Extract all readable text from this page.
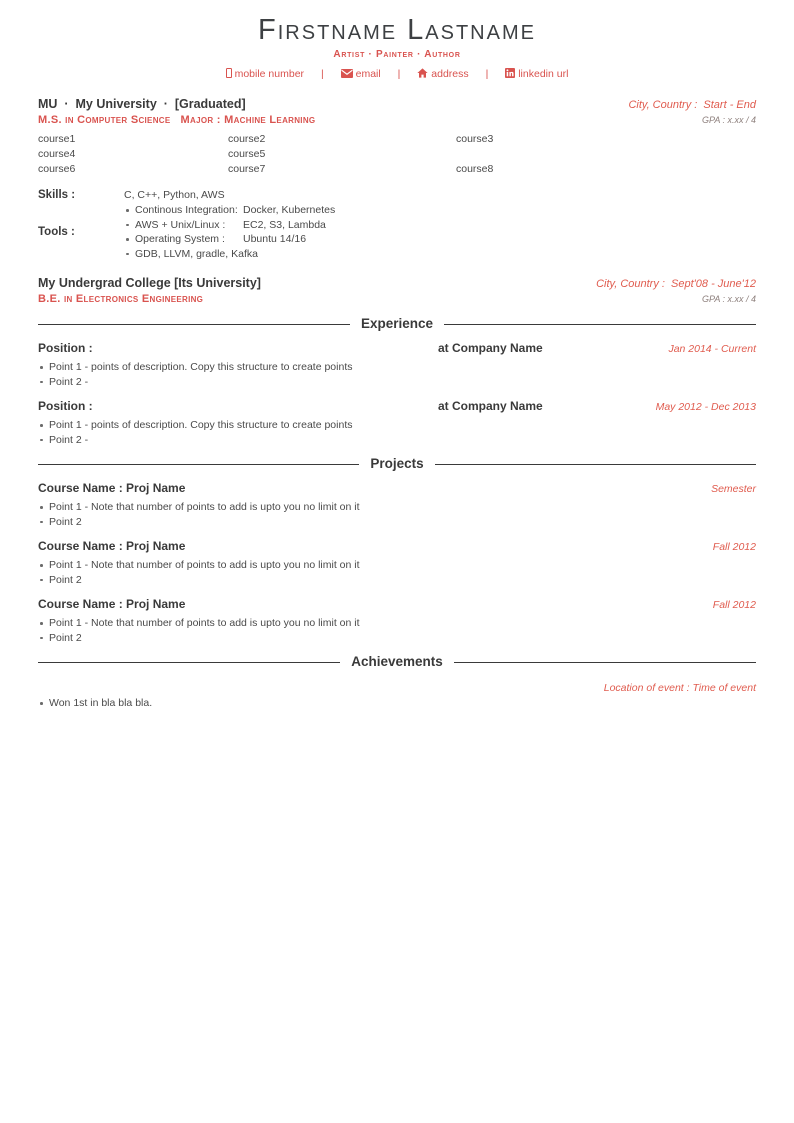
Firstname Lastname
Artist · Painter · Author
mobile number |	email |	address |	linkedin url
MU  ·  My University  ·  [Graduated]	City, Country :  Start - End
M.S. in Computer Science   Major : Machine Learning	GPA : x.xx / 4
course1	course2	course3
course4	course5
course6	course7	course8
Skills :	C, C++, Python, AWS
Tools :
Continous Integration: Docker, Kubernetes
AWS + Unix/Linux : EC2, S3, Lambda
Operating System : Ubuntu 14/16
GDB, LLVM, gradle, Kafka
My Undergrad College [Its University]	City, Country :  Sept'08 - June'12
B.E. in Electronics Engineering	GPA : x.xx / 4
Experience
Position :	at Company Name	Jan 2014 - Current
Point 1 - points of description. Copy this structure to create points
Point 2 -
Position :	at Company Name	May 2012 - Dec 2013
Point 1 - points of description. Copy this structure to create points
Point 2 -
Projects
Course Name : Proj Name	Semester
Point 1 - Note that number of points to add is upto you no limit on it
Point 2
Course Name : Proj Name	Fall 2012
Point 1 - Note that number of points to add is upto you no limit on it
Point 2
Course Name : Proj Name	Fall 2012
Point 1 - Note that number of points to add is upto you no limit on it
Point 2
Achievements
Location of event : Time of event
Won 1st in bla bla bla.
